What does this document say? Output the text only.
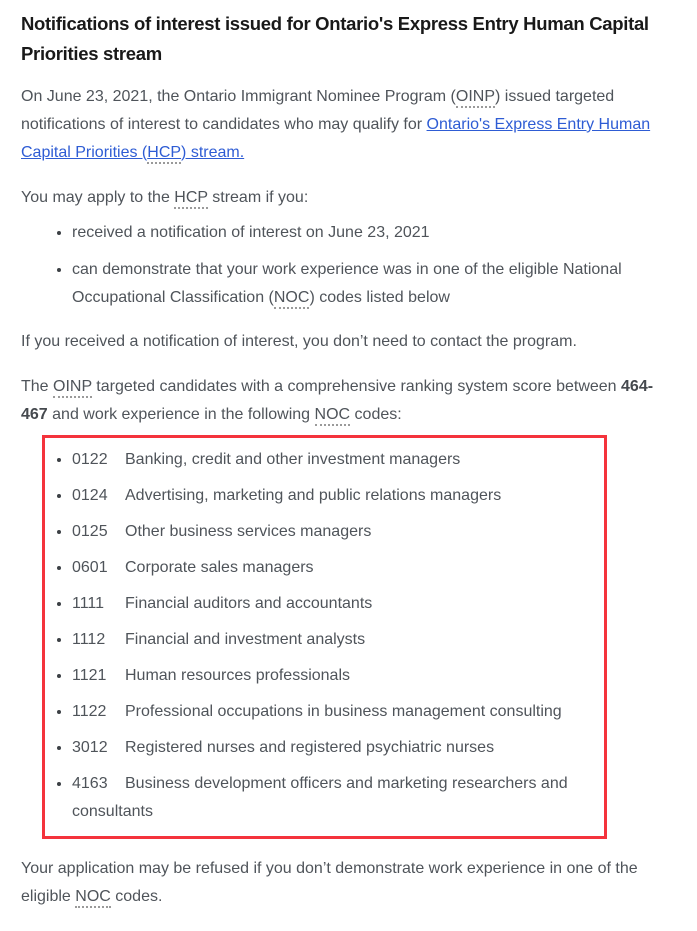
Notifications of interest issued for Ontario's Express Entry Human Capital Priorities stream

On June 23, 2021, the Ontario Immigrant Nominee Program (OINP) issued targeted notifications of interest to candidates who may qualify for Ontario's Express Entry Human Capital Priorities (HCP) stream.

You may apply to the HCP stream if you:

• received a notification of interest on June 23, 2021
• can demonstrate that your work experience was in one of the eligible National Occupational Classification (NOC) codes listed below

If you received a notification of interest, you don’t need to contact the program.

The OINP targeted candidates with a comprehensive ranking system score between 464-467 and work experience in the following NOC codes:

• 0122 Banking, credit and other investment managers
• 0124 Advertising, marketing and public relations managers
• 0125 Other business services managers
• 0601 Corporate sales managers
• 1111 Financial auditors and accountants
• 1112 Financial and investment analysts
• 1121 Human resources professionals
• 1122 Professional occupations in business management consulting
• 3012 Registered nurses and registered psychiatric nurses
• 4163 Business development officers and marketing researchers and consultants

Your application may be refused if you don’t demonstrate work experience in one of the eligible NOC codes.
